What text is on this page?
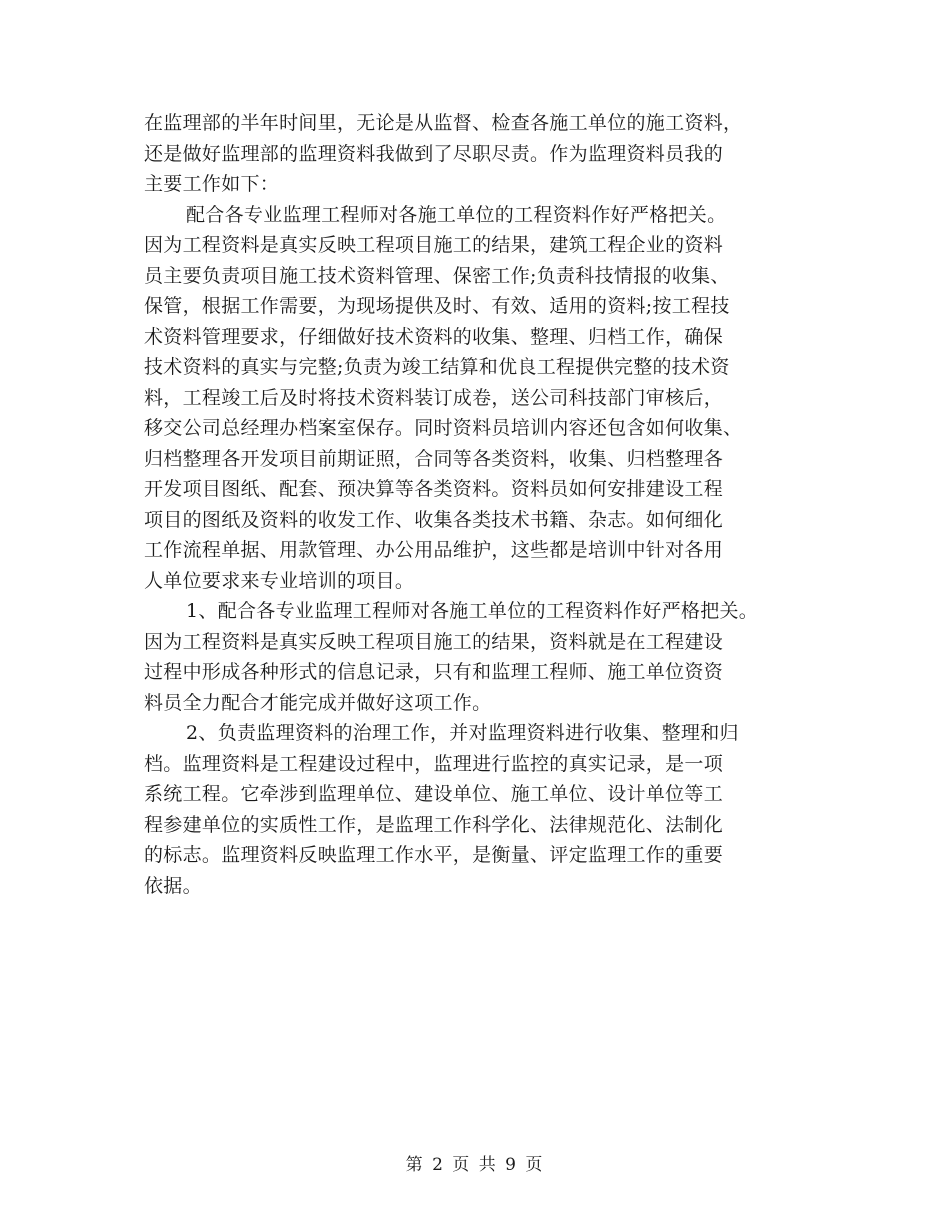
在监理部的半年时间里，无论是从监督、检查各施工单位的施工资料，
还是做好监理部的监理资料我做到了尽职尽责。作为监理资料员我的
主要工作如下：
配合各专业监理工程师对各施工单位的工程资料作好严格把关。
因为工程资料是真实反映工程项目施工的结果，建筑工程企业的资料
员主要负责项目施工技术资料管理、保密工作;负责科技情报的收集、
保管，根据工作需要，为现场提供及时、有效、适用的资料;按工程技
术资料管理要求，仔细做好技术资料的收集、整理、归档工作，确保
技术资料的真实与完整;负责为竣工结算和优良工程提供完整的技术资
料，工程竣工后及时将技术资料装订成卷，送公司科技部门审核后，
移交公司总经理办档案室保存。同时资料员培训内容还包含如何收集、
归档整理各开发项目前期证照，合同等各类资料，收集、归档整理各
开发项目图纸、配套、预决算等各类资料。资料员如何安排建设工程
项目的图纸及资料的收发工作、收集各类技术书籍、杂志。如何细化
工作流程单据、用款管理、办公用品维护，这些都是培训中针对各用
人单位要求来专业培训的项目。
1、配合各专业监理工程师对各施工单位的工程资料作好严格把关。
因为工程资料是真实反映工程项目施工的结果，资料就是在工程建设
过程中形成各种形式的信息记录，只有和监理工程师、施工单位资资
料员全力配合才能完成并做好这项工作。
2、负责监理资料的治理工作，并对监理资料进行收集、整理和归
档。监理资料是工程建设过程中，监理进行监控的真实记录，是一项
系统工程。它牵涉到监理单位、建设单位、施工单位、设计单位等工
程参建单位的实质性工作，是监理工作科学化、法律规范化、法制化
的标志。监理资料反映监理工作水平，是衡量、评定监理工作的重要
依据。
第 2 页 共 9 页
